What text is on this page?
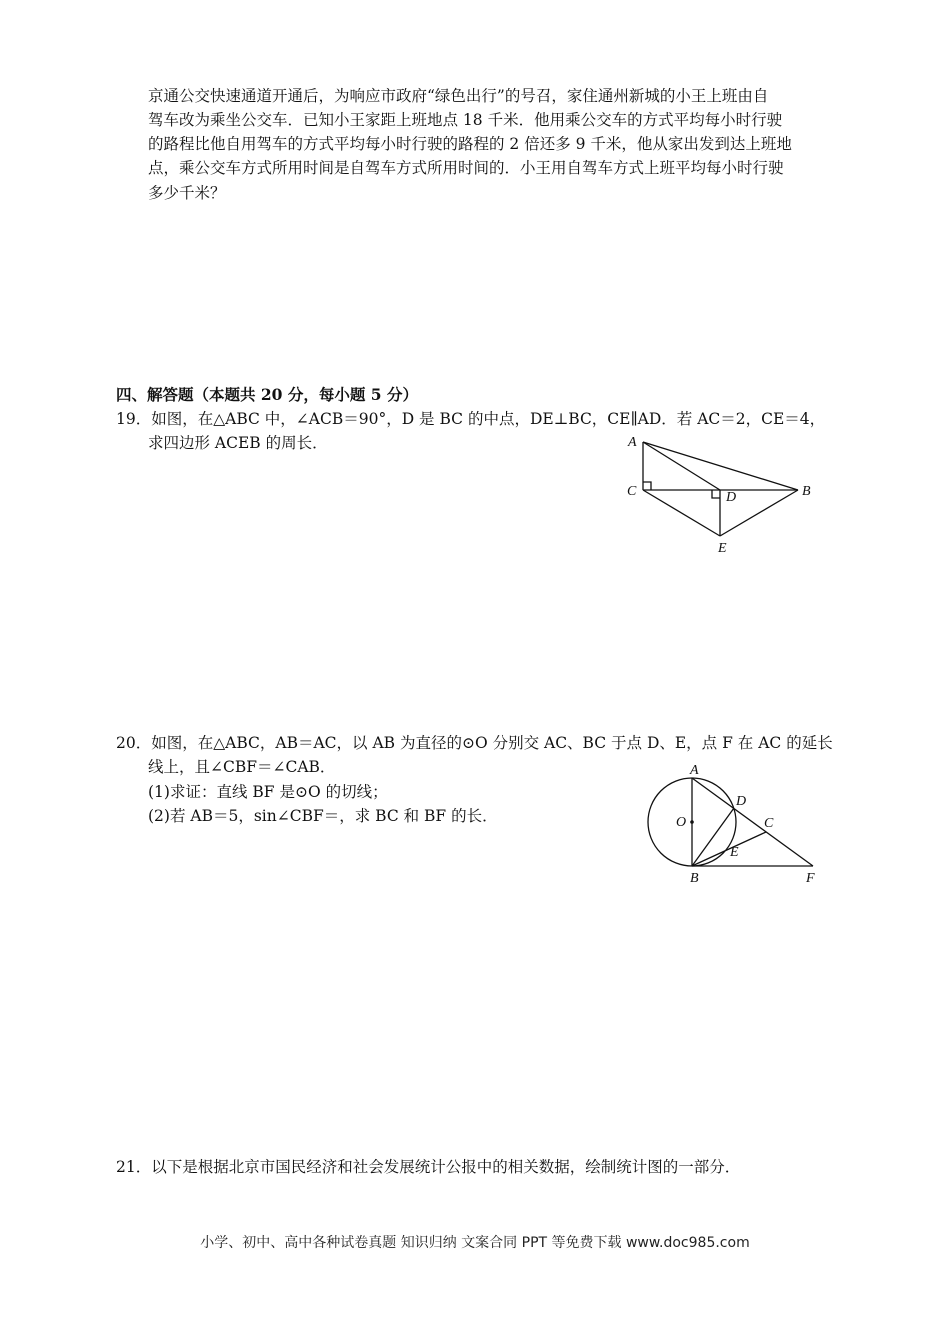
京通公交快速通道开通后，为响应市政府“绿色出行”的号召，家住通州新城的小王上班由自
驾车改为乘坐公交车．已知小王家距上班地点 18 千米．他用乘公交车的方式平均每小时行驶
的路程比他自用驾车的方式平均每小时行驶的路程的 2 倍还多 9 千米，他从家出发到达上班地
点，乘公交车方式所用时间是自驾车方式所用时间的．小王用自驾车方式上班平均每小时行驶
多少千米？
四、解答题（本题共 20 分，每小题 5 分）
19．如图，在△ABC 中，∠ACB＝90°，D 是 BC 的中点，DE⊥BC，CE∥AD．若 AC＝2，CE＝4，
求四边形 ACEB 的周长．	A
C	D	B
E
20．如图，在△ABC，AB＝AC，以 AB 为直径的⊙O 分别交 AC、BC 于点 D、E，点 F 在 AC 的延长
线上，且∠CBF＝∠CAB．
(1)求证：直线 BF 是⊙O 的切线；
(2)若 AB＝5，sin∠CBF＝，求 BC 和 BF 的长．
A
D
C
O
E
B	F
21．以下是根据北京市国民经济和社会发展统计公报中的相关数据，绘制统计图的一部分．
小学、初中、高中各种试卷真题 知识归纳 文案合同 PPT 等免费下载 www.doc985.com
